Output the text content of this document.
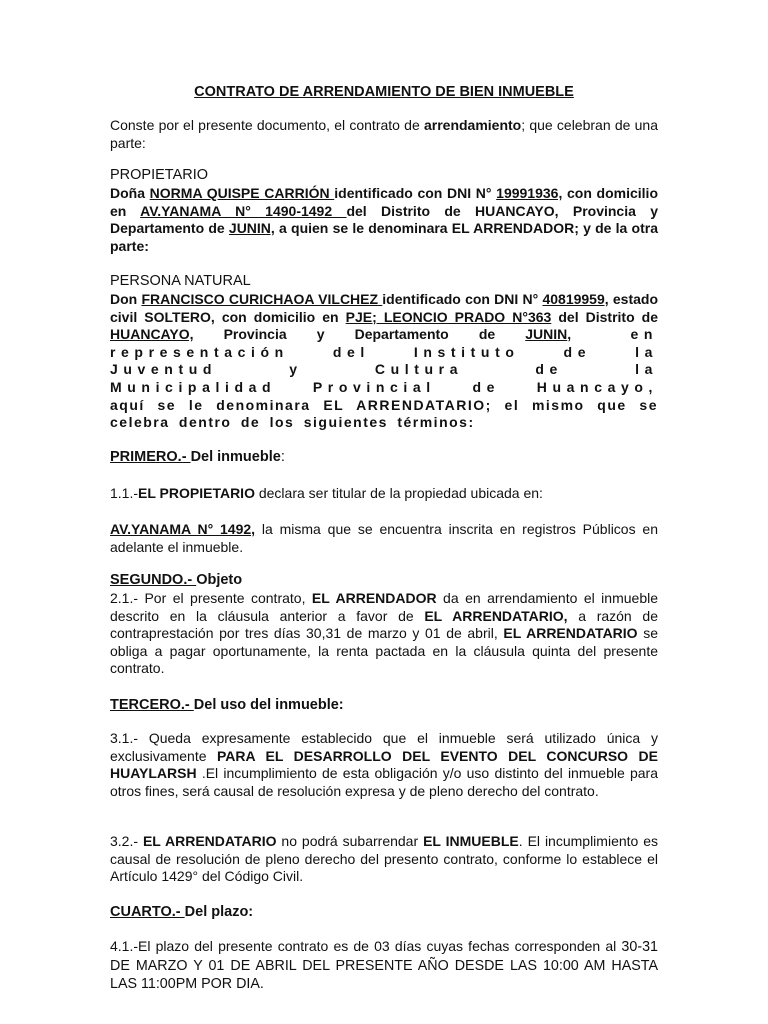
CONTRATO DE ARRENDAMIENTO DE BIEN INMUEBLE
Conste por el presente documento, el contrato de arrendamiento; que celebran de una parte:
PROPIETARIO
Doña NORMA QUISPE CARRIÓN identificado con DNI N° 19991936, con domicilio en AV.YANAMA N° 1490-1492 del Distrito de HUANCAYO, Provincia y Departamento de JUNIN, a quien se le denominara EL ARRENDADOR; y de la otra parte:
PERSONA NATURAL
Don FRANCISCO CURICHAOA VILCHEZ identificado con DNI N° 40819959, estado civil SOLTERO, con domicilio en PJE; LEONCIO PRADO N°363 del Distrito de HUANCAYO, Provincia y Departamento de JUNIN, en representación del Instituto de la Juventud y Cultura de la Municipalidad Provincial de Huancayo, aquí se le denominara EL ARRENDATARIO; el mismo que se celebra dentro de los siguientes términos:
PRIMERO.- Del inmueble:
1.1.-EL PROPIETARIO declara ser titular de la propiedad ubicada en:
AV.YANAMA N° 1492, la misma que se encuentra inscrita en registros Públicos en adelante el inmueble.
SEGUNDO.- Objeto
2.1.- Por el presente contrato, EL ARRENDADOR da en arrendamiento el inmueble descrito en la cláusula anterior a favor de EL ARRENDATARIO, a razón de contraprestación por tres días 30,31 de marzo y 01 de abril, EL ARRENDATARIO se obliga a pagar oportunamente, la renta pactada en la cláusula quinta del presente contrato.
TERCERO.- Del uso del inmueble:
3.1.- Queda expresamente establecido que el inmueble será utilizado única y exclusivamente PARA EL DESARROLLO DEL EVENTO DEL CONCURSO DE HUAYLARSH .El incumplimiento de esta obligación y/o uso distinto del inmueble para otros fines, será causal de resolución expresa y de pleno derecho del contrato.
3.2.- EL ARRENDATARIO no podrá subarrendar EL INMUEBLE. El incumplimiento es causal de resolución de pleno derecho del presento contrato, conforme lo establece el Artículo 1429° del Código Civil.
CUARTO.- Del plazo:
4.1.-El plazo del presente contrato es de 03 días cuyas fechas corresponden al 30-31 DE MARZO Y 01 DE ABRIL DEL PRESENTE AÑO DESDE LAS 10:00 AM HASTA LAS 11:00PM POR DIA.
